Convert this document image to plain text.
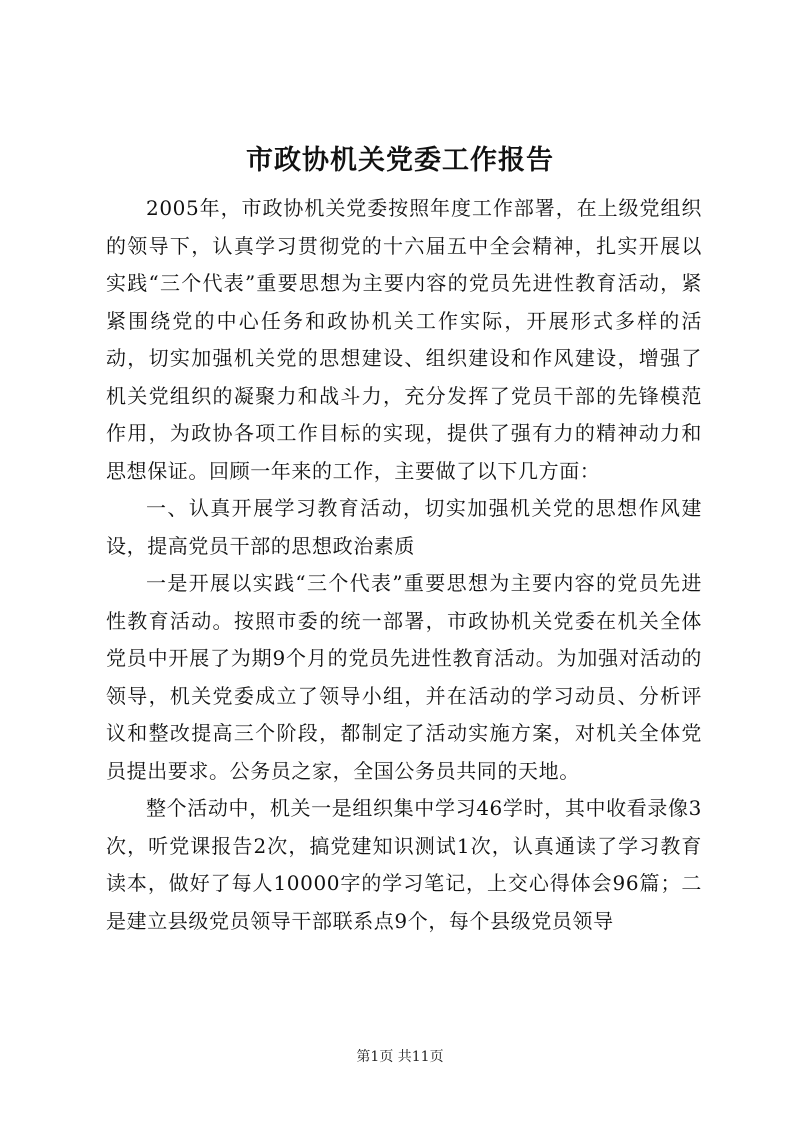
市政协机关党委工作报告

2005年，市政协机关党委按照年度工作部署，在上级党组织的领导下，认真学习贯彻党的十六届五中全会精神，扎实开展以实践“三个代表”重要思想为主要内容的党员先进性教育活动，紧紧围绕党的中心任务和政协机关工作实际，开展形式多样的活动，切实加强机关党的思想建设、组织建设和作风建设，增强了机关党组织的凝聚力和战斗力，充分发挥了党员干部的先锋模范作用，为政协各项工作目标的实现，提供了强有力的精神动力和思想保证。回顾一年来的工作，主要做了以下几方面：

一、认真开展学习教育活动，切实加强机关党的思想作风建设，提高党员干部的思想政治素质

一是开展以实践“三个代表”重要思想为主要内容的党员先进性教育活动。按照市委的统一部署，市政协机关党委在机关全体党员中开展了为期9个月的党员先进性教育活动。为加强对活动的领导，机关党委成立了领导小组，并在活动的学习动员、分析评议和整改提高三个阶段，都制定了活动实施方案，对机关全体党员提出要求。公务员之家，全国公务员共同的天地。

整个活动中，机关一是组织集中学习46学时，其中收看录像3次，听党课报告2次，搞党建知识测试1次，认真通读了学习教育读本，做好了每人10000字的学习笔记，上交心得体会96篇；二是建立县级党员领导干部联系点9个，每个县级党员领导

第1页 共11页
